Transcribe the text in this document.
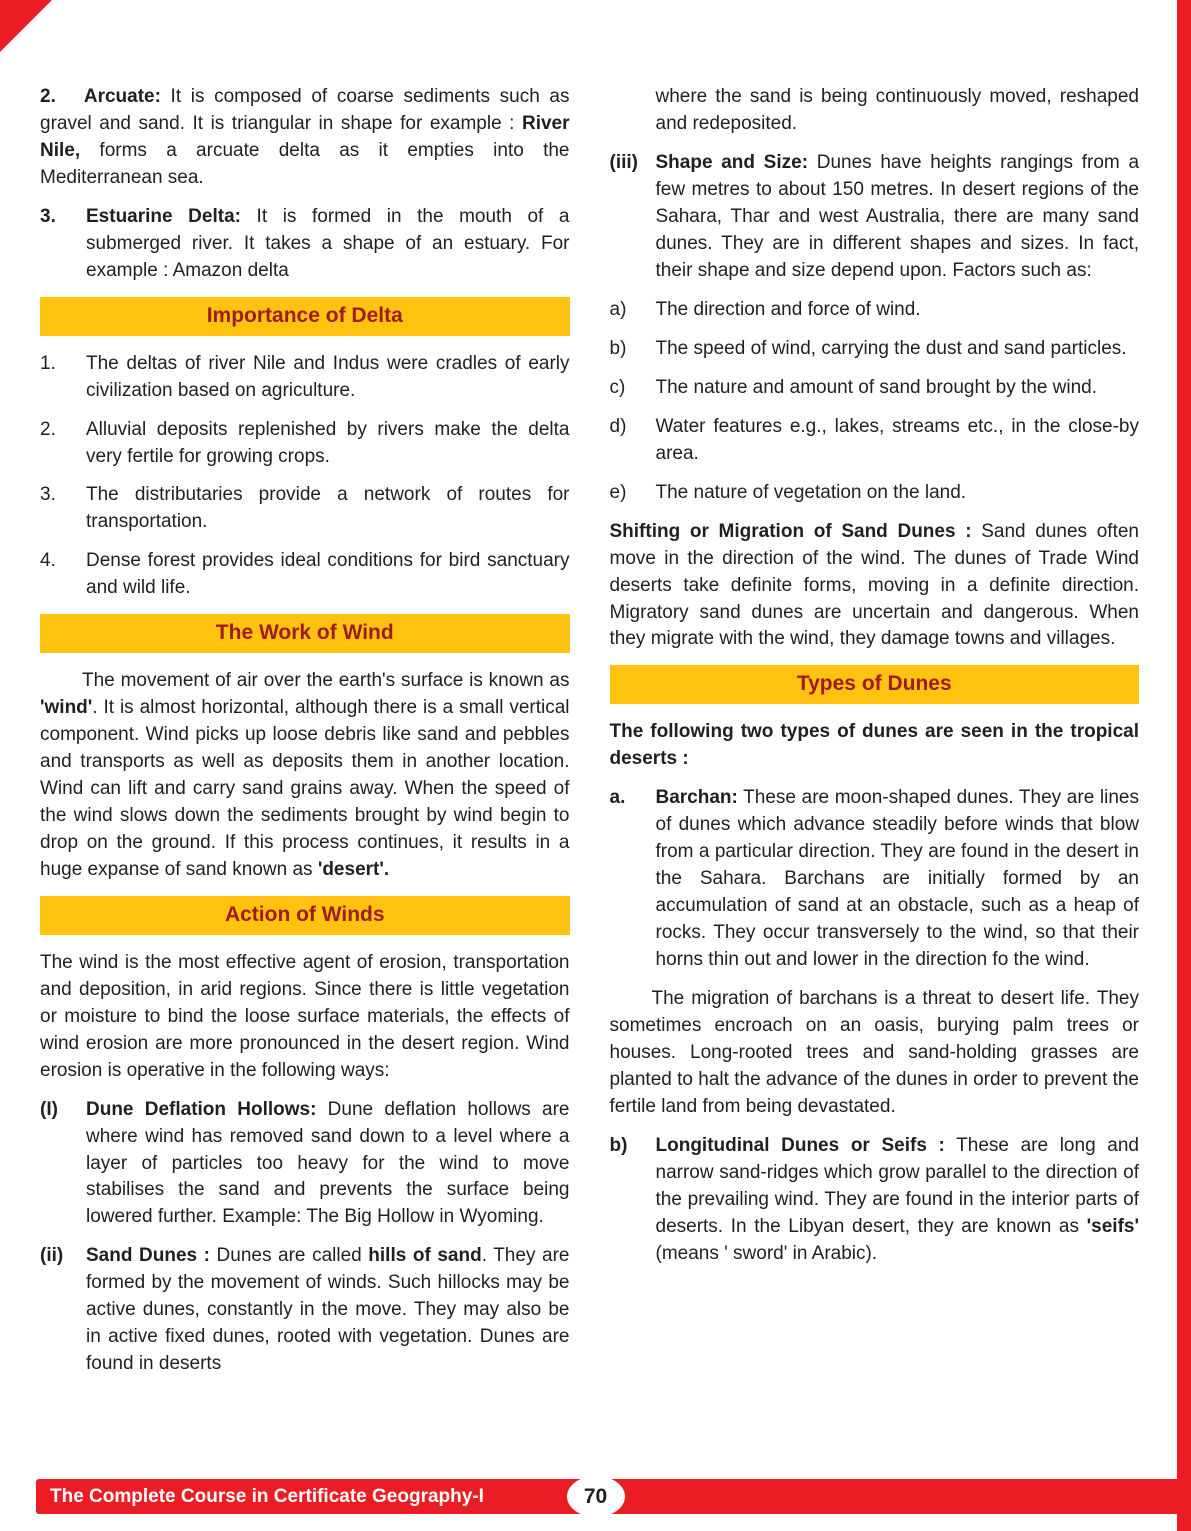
2. Arcuate: It is composed of coarse sediments such as gravel and sand. It is triangular in shape for example : River Nile, forms a arcuate delta as it empties into the Mediterranean sea.

3.	Estuarine Delta: It is formed in the mouth of a submerged river. It takes a shape of an estuary. For example : Amazon delta
Importance of Delta
1.	The deltas of river Nile and Indus were cradles of early civilization based on agriculture.
2.	Alluvial deposits replenished by rivers make the delta very fertile for growing crops.
3.	The distributaries provide a network of routes for transportation.
4.	Dense forest provides ideal conditions for bird sanctuary and wild life.
The Work of Wind

The movement of air over the earth's surface is known as 'wind'. It is almost horizontal, although there is a small vertical component. Wind picks up loose debris like sand and pebbles and transports as well as deposits them in another location. Wind can lift and carry sand grains away. When the speed of the wind slows down the sediments brought by wind begin to drop on the ground. If this process continues, it results in a huge expanse of sand known as 'desert'.

Action of Winds

The wind is the most effective agent of erosion, transportation and deposition, in arid regions. Since there is little vegetation or moisture to bind the loose surface materials, the effects of wind erosion are more pronounced in the desert region. Wind erosion is operative in the following ways:

(I)	Dune Deflation Hollows: Dune deflation hollows are where wind has removed sand down to a level where a layer of particles too heavy for the wind to move stabilises the sand and prevents the surface being lowered further. Example: The Big Hollow in Wyoming.
(ii)	Sand Dunes : Dunes are called hills of sand. They are formed by the movement of winds. Such hillocks may be active dunes, constantly in the move. They may also be in active fixed dunes, rooted with vegetation. Dunes are found in deserts
where the sand is being continuously moved, reshaped and redeposited.
(iii) Shape and Size: Dunes have heights rangings from a few metres to about 150 metres. In desert regions of the Sahara, Thar and west Australia, there are many sand dunes. They are in different shapes and sizes. In fact, their shape and size depend upon. Factors such as:
a)	The direction and force of wind.
b)	The speed of wind, carrying the dust and sand particles.
c)	The nature and amount of sand brought by the wind.
d)	Water features e.g., lakes, streams etc., in the close-by area.
e)	The nature of vegetation on the land.

Shifting or Migration of Sand Dunes : Sand dunes often move in the direction of the wind. The dunes of Trade Wind deserts take definite forms, moving in a definite direction. Migratory sand dunes are uncertain and dangerous. When they migrate with the wind, they damage towns and villages.

Types of Dunes

The following two types of dunes are seen in the tropical deserts :

a.	Barchan: These are moon-shaped dunes. They are lines of dunes which advance steadily before winds that blow from a particular direction. They are found in the desert in the Sahara. Barchans are initially formed by an accumulation of sand at an obstacle, such as a heap of rocks. They occur transversely to the wind, so that their horns thin out and lower in the direction fo the wind.

The migration of barchans is a threat to desert life. They sometimes encroach on an oasis, burying palm trees or houses. Long-rooted trees and sand-holding grasses are planted to halt the advance of the dunes in order to prevent the fertile land from being devastated.

b)	Longitudinal Dunes or Seifs : These are long and narrow sand-ridges which grow parallel to the direction of the prevailing wind. They are found in the interior parts of deserts. In the Libyan desert, they are known as 'seifs' (means ' sword' in Arabic).
The Complete Course in Certificate Geography-I	70
